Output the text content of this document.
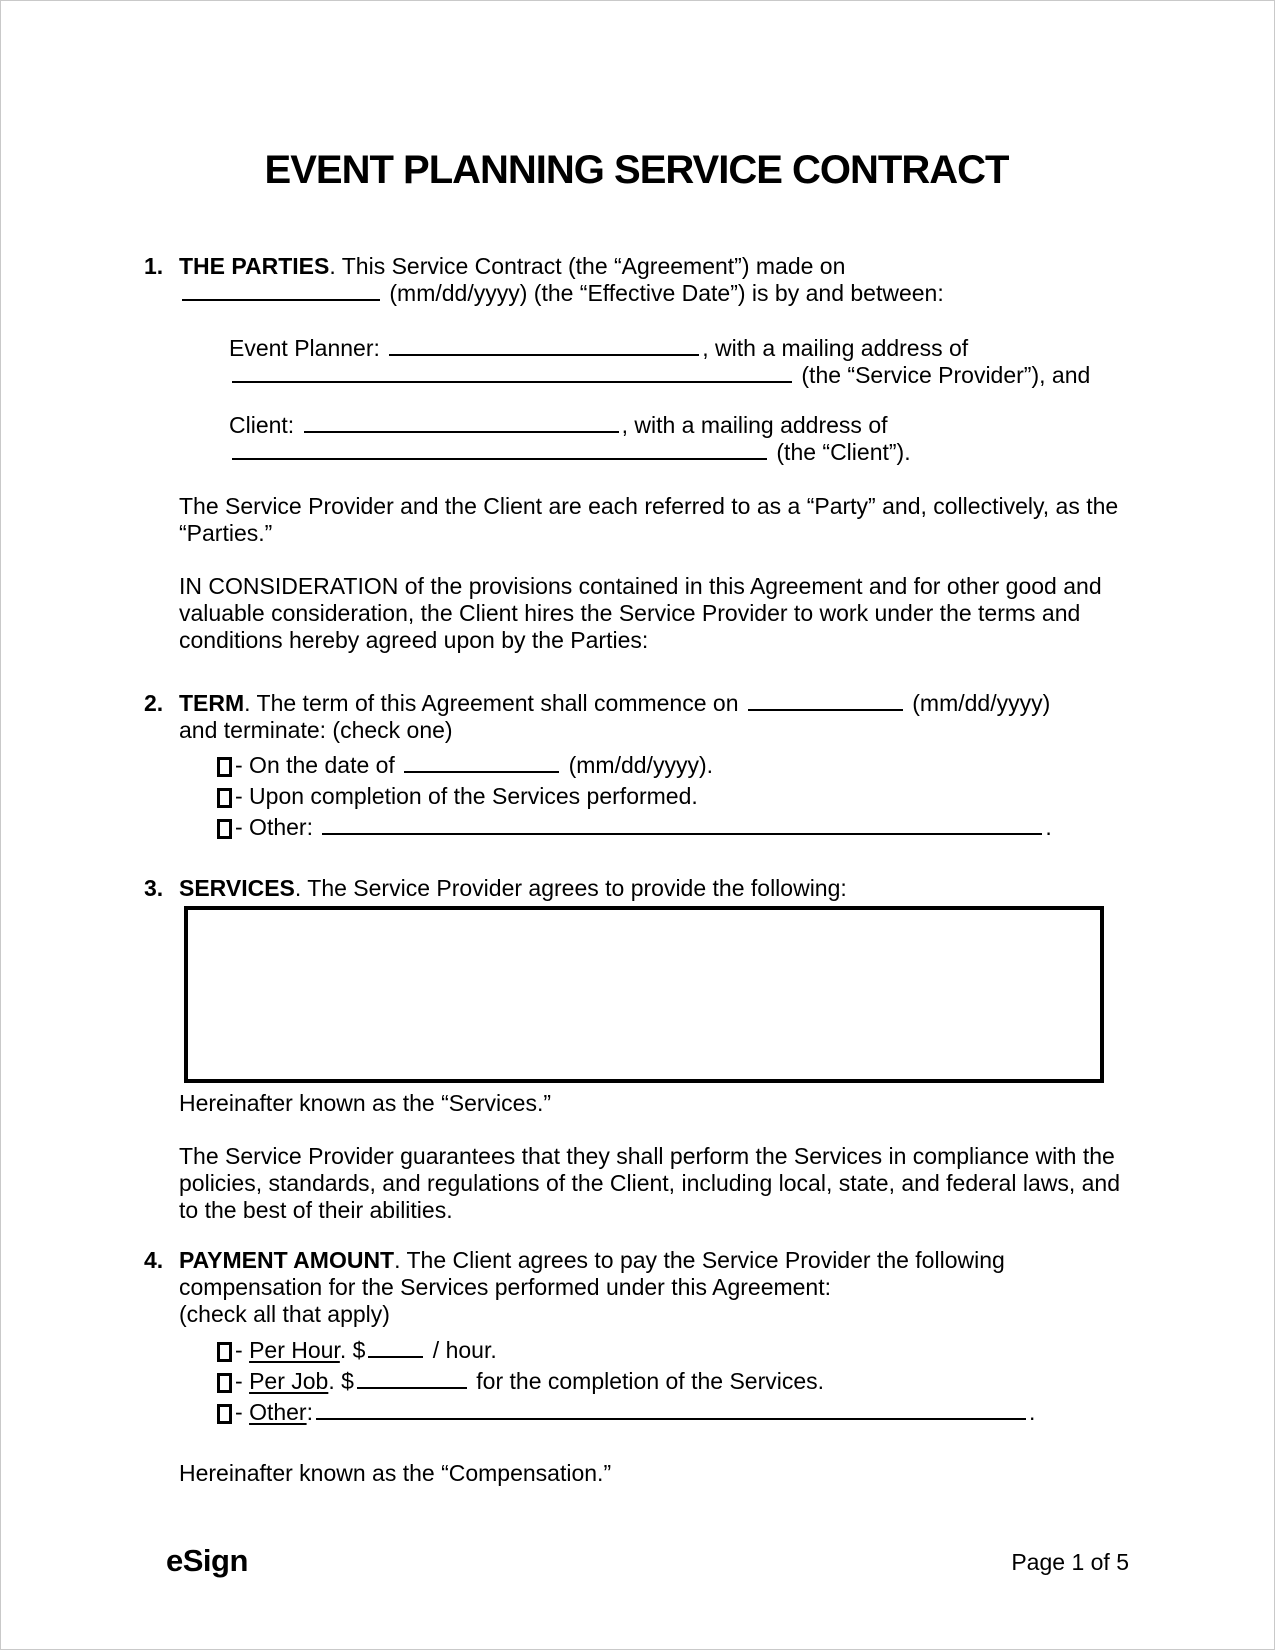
EVENT PLANNING SERVICE CONTRACT
1. THE PARTIES. This Service Contract (the “Agreement”) made on
(mm/dd/yyyy) (the “Effective Date”) is by and between:

Event Planner:	, with a mailing address of
(the “Service Provider”), and

Client:	, with a mailing address of
(the “Client”).

The Service Provider and the Client are each referred to as a “Party” and, collectively, as the “Parties.”

IN CONSIDERATION of the provisions contained in this Agreement and for other good and valuable consideration, the Client hires the Service Provider to work under the terms and conditions hereby agreed upon by the Parties:

2. TERM. The term of this Agreement shall commence on	(mm/dd/yyyy)
and terminate: (check one)

- On the date of	(mm/dd/yyyy).
- Upon completion of the Services performed.
- Other:	.
3. SERVICES. The Service Provider agrees to provide the following:

Hereinafter known as the “Services.”

The Service Provider guarantees that they shall perform the Services in compliance with the policies, standards, and regulations of the Client, including local, state, and federal laws, and to the best of their abilities.

4. PAYMENT AMOUNT. The Client agrees to pay the Service Provider the following
compensation for the Services performed under this Agreement:
(check all that apply)

- Per Hour. $	/ hour.
- Per Job. $	for the completion of the Services.
- Other:	.

Hereinafter known as the “Compensation.”

eSign	Page 1 of 5
